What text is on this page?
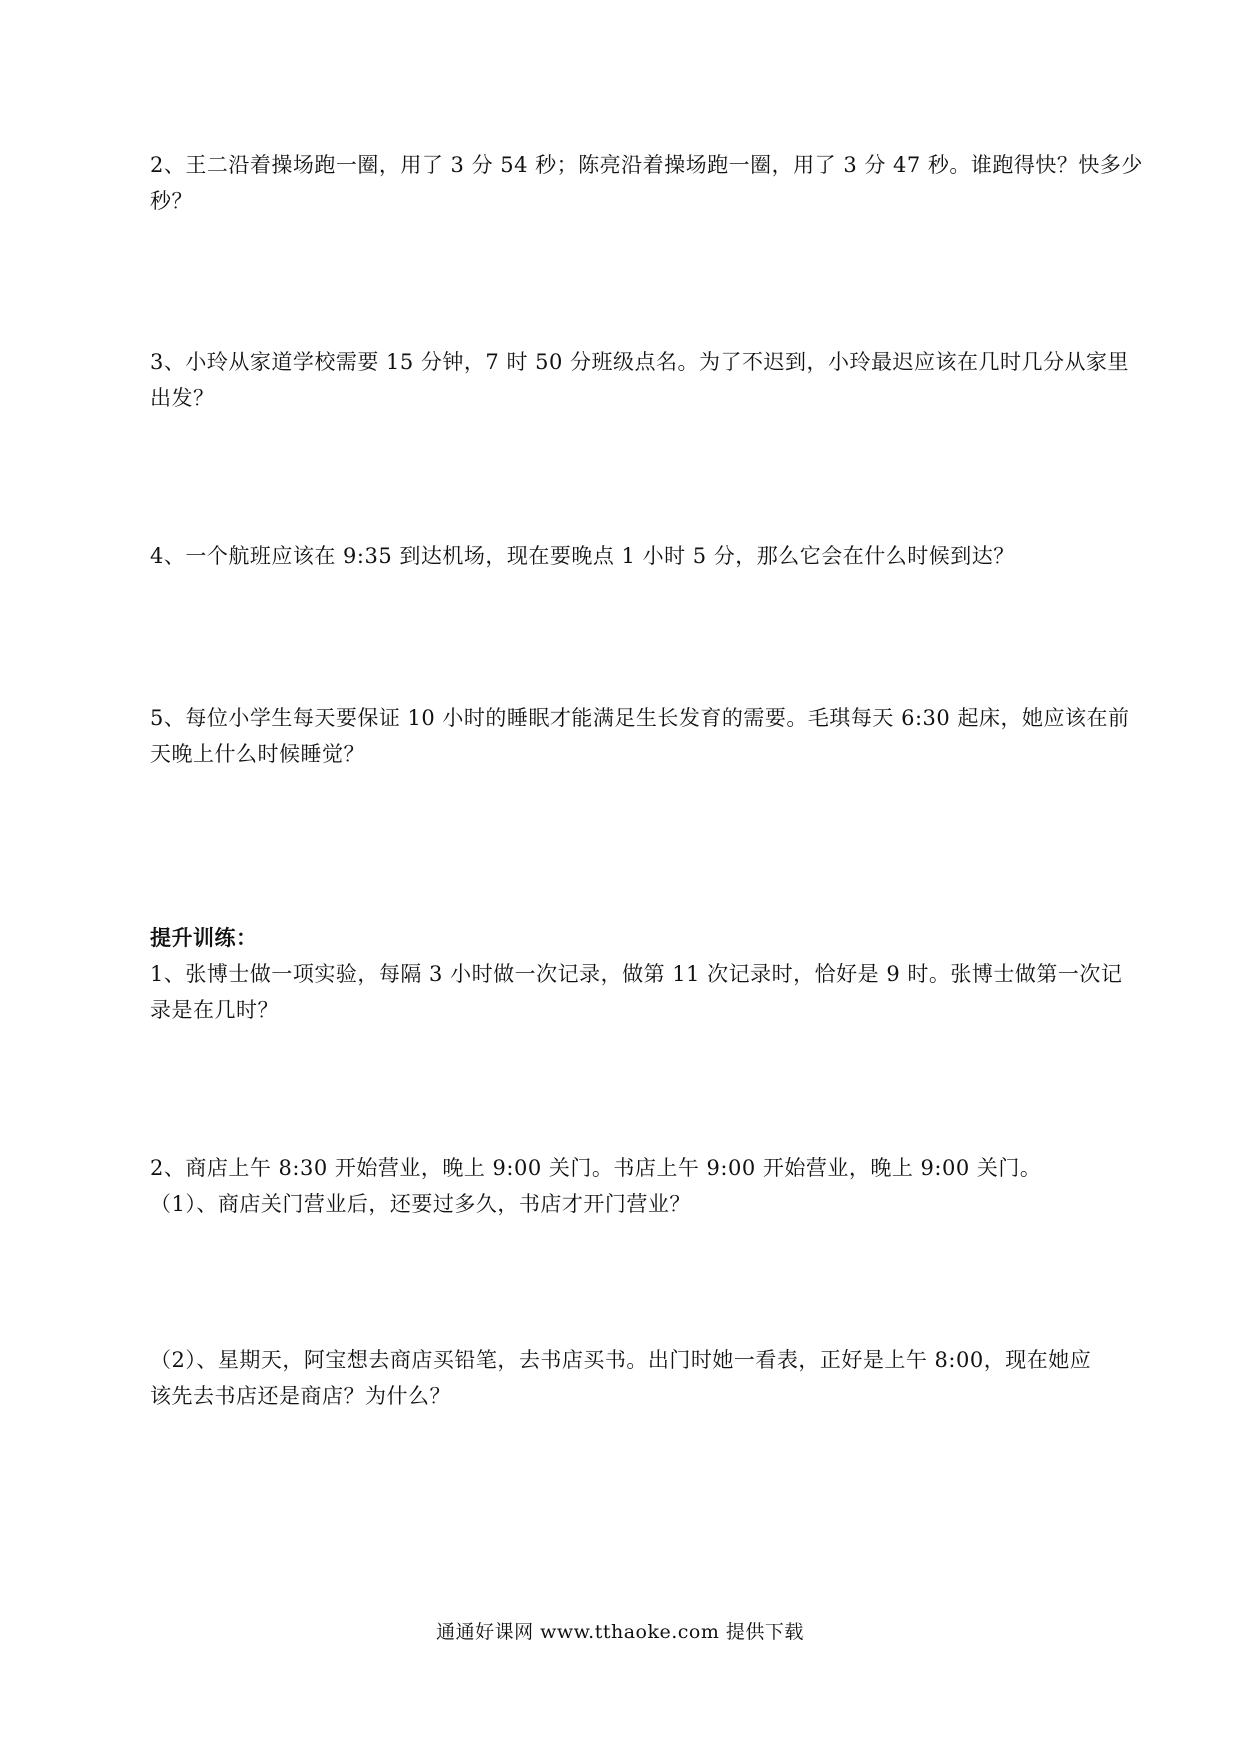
2、王二沿着操场跑一圈，用了 3 分 54 秒；陈亮沿着操场跑一圈，用了 3 分 47 秒。谁跑得快？快多少
秒？
3、小玲从家道学校需要 15 分钟，7 时 50 分班级点名。为了不迟到，小玲最迟应该在几时几分从家里
出发？
4、一个航班应该在 9:35 到达机场，现在要晚点 1 小时 5 分，那么它会在什么时候到达？
5、每位小学生每天要保证 10 小时的睡眠才能满足生长发育的需要。毛琪每天 6:30 起床，她应该在前
天晚上什么时候睡觉？
提升训练：
1、张博士做一项实验，每隔 3 小时做一次记录，做第 11 次记录时，恰好是 9 时。张博士做第一次记
录是在几时？
2、商店上午 8:30 开始营业，晚上 9:00 关门。书店上午 9:00 开始营业，晚上 9:00 关门。
（1）、商店关门营业后，还要过多久，书店才开门营业？
（2）、星期天，阿宝想去商店买铅笔，去书店买书。出门时她一看表，正好是上午 8:00，现在她应
该先去书店还是商店？为什么？
通通好课网 www.tthaoke.com 提供下载
